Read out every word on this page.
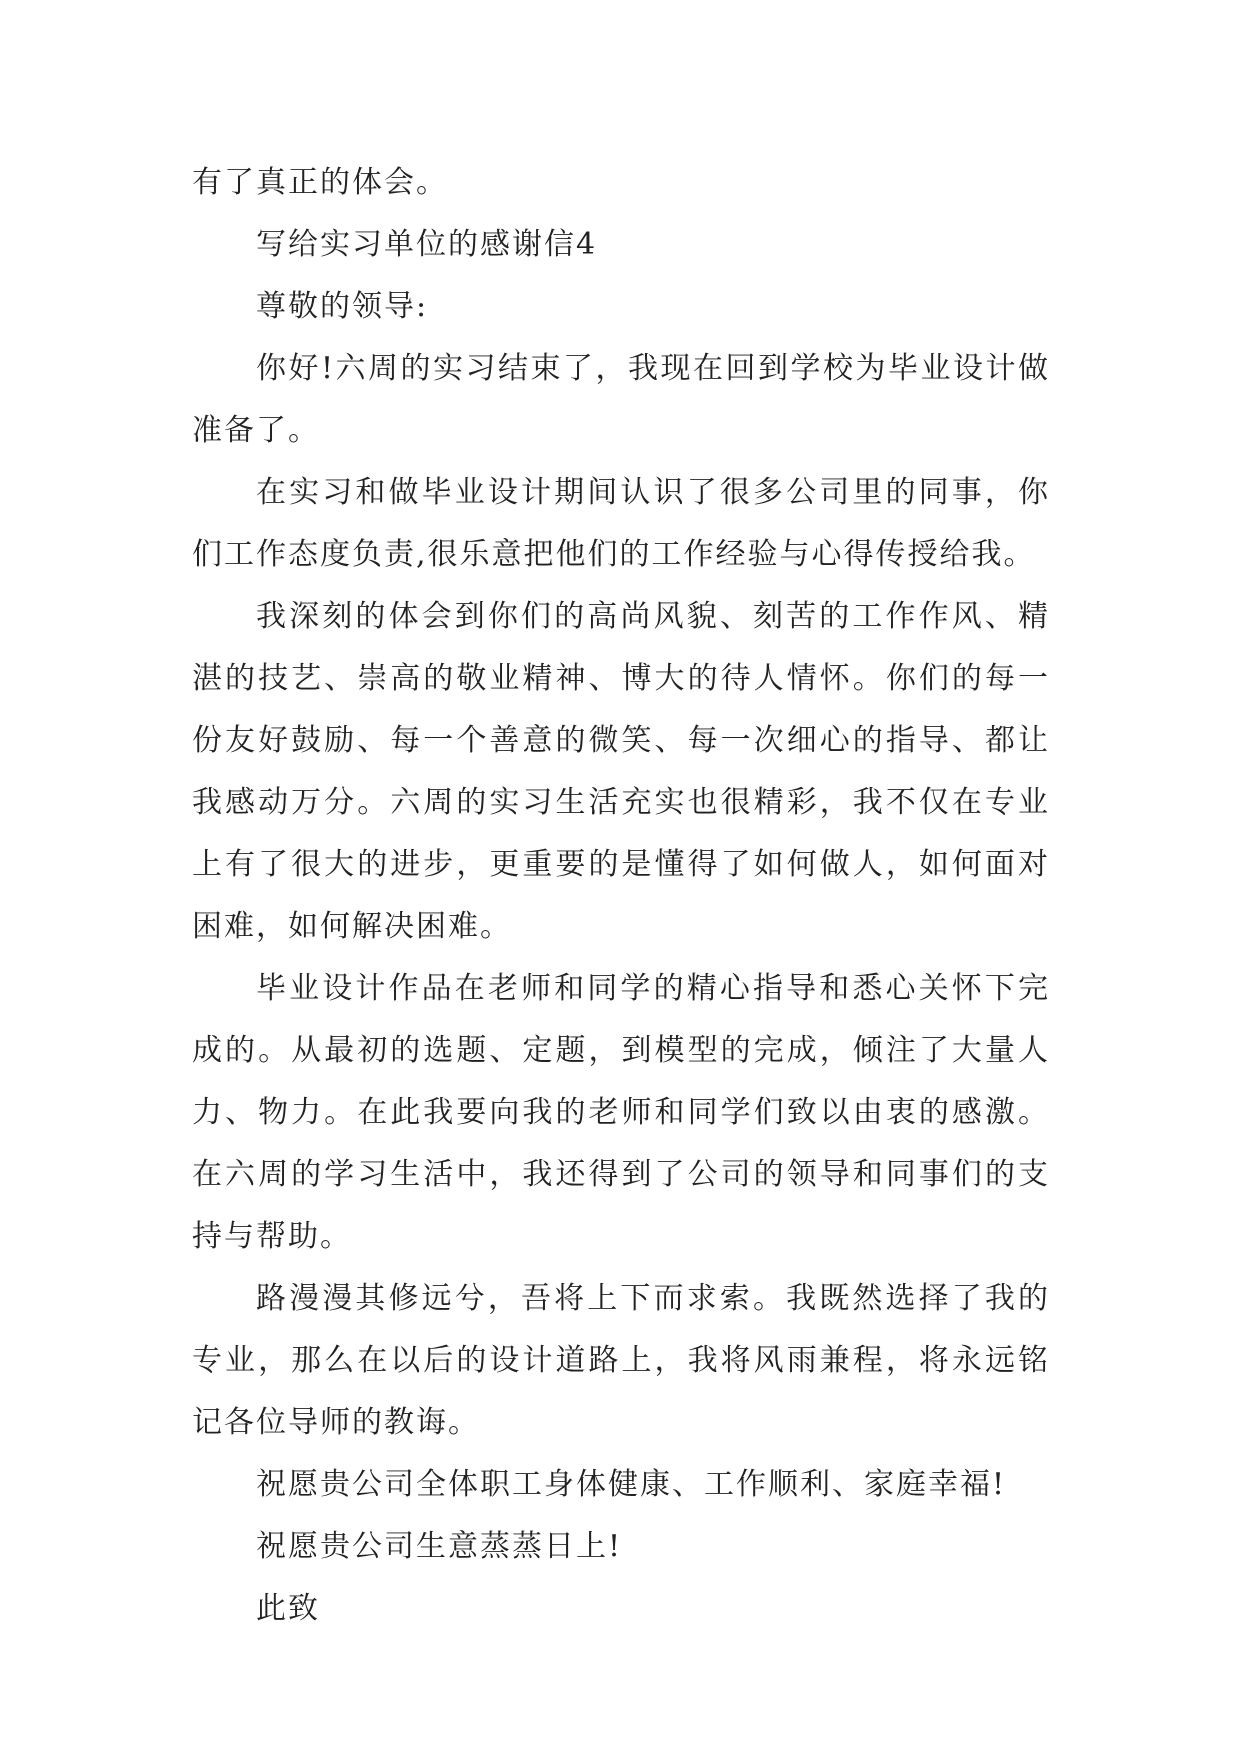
有了真正的体会。

写给实习单位的感谢信4

尊敬的领导:

你好!六周的实习结束了，我现在回到学校为毕业设计做准备了。

在实习和做毕业设计期间认识了很多公司里的同事，你们工作态度负责,很乐意把他们的工作经验与心得传授给我。

我深刻的体会到你们的高尚风貌、刻苦的工作作风、精湛的技艺、崇高的敬业精神、博大的待人情怀。你们的每一份友好鼓励、每一个善意的微笑、每一次细心的指导、都让我感动万分。六周的实习生活充实也很精彩，我不仅在专业上有了很大的进步，更重要的是懂得了如何做人，如何面对困难，如何解决困难。

毕业设计作品在老师和同学的精心指导和悉心关怀下完成的。从最初的选题、定题，到模型的完成，倾注了大量人力、物力。在此我要向我的老师和同学们致以由衷的感激。在六周的学习生活中，我还得到了公司的领导和同事们的支持与帮助。

路漫漫其修远兮，吾将上下而求索。我既然选择了我的专业，那么在以后的设计道路上，我将风雨兼程，将永远铭记各位导师的教诲。

祝愿贵公司全体职工身体健康、工作顺利、家庭幸福!

祝愿贵公司生意蒸蒸日上!

此致
